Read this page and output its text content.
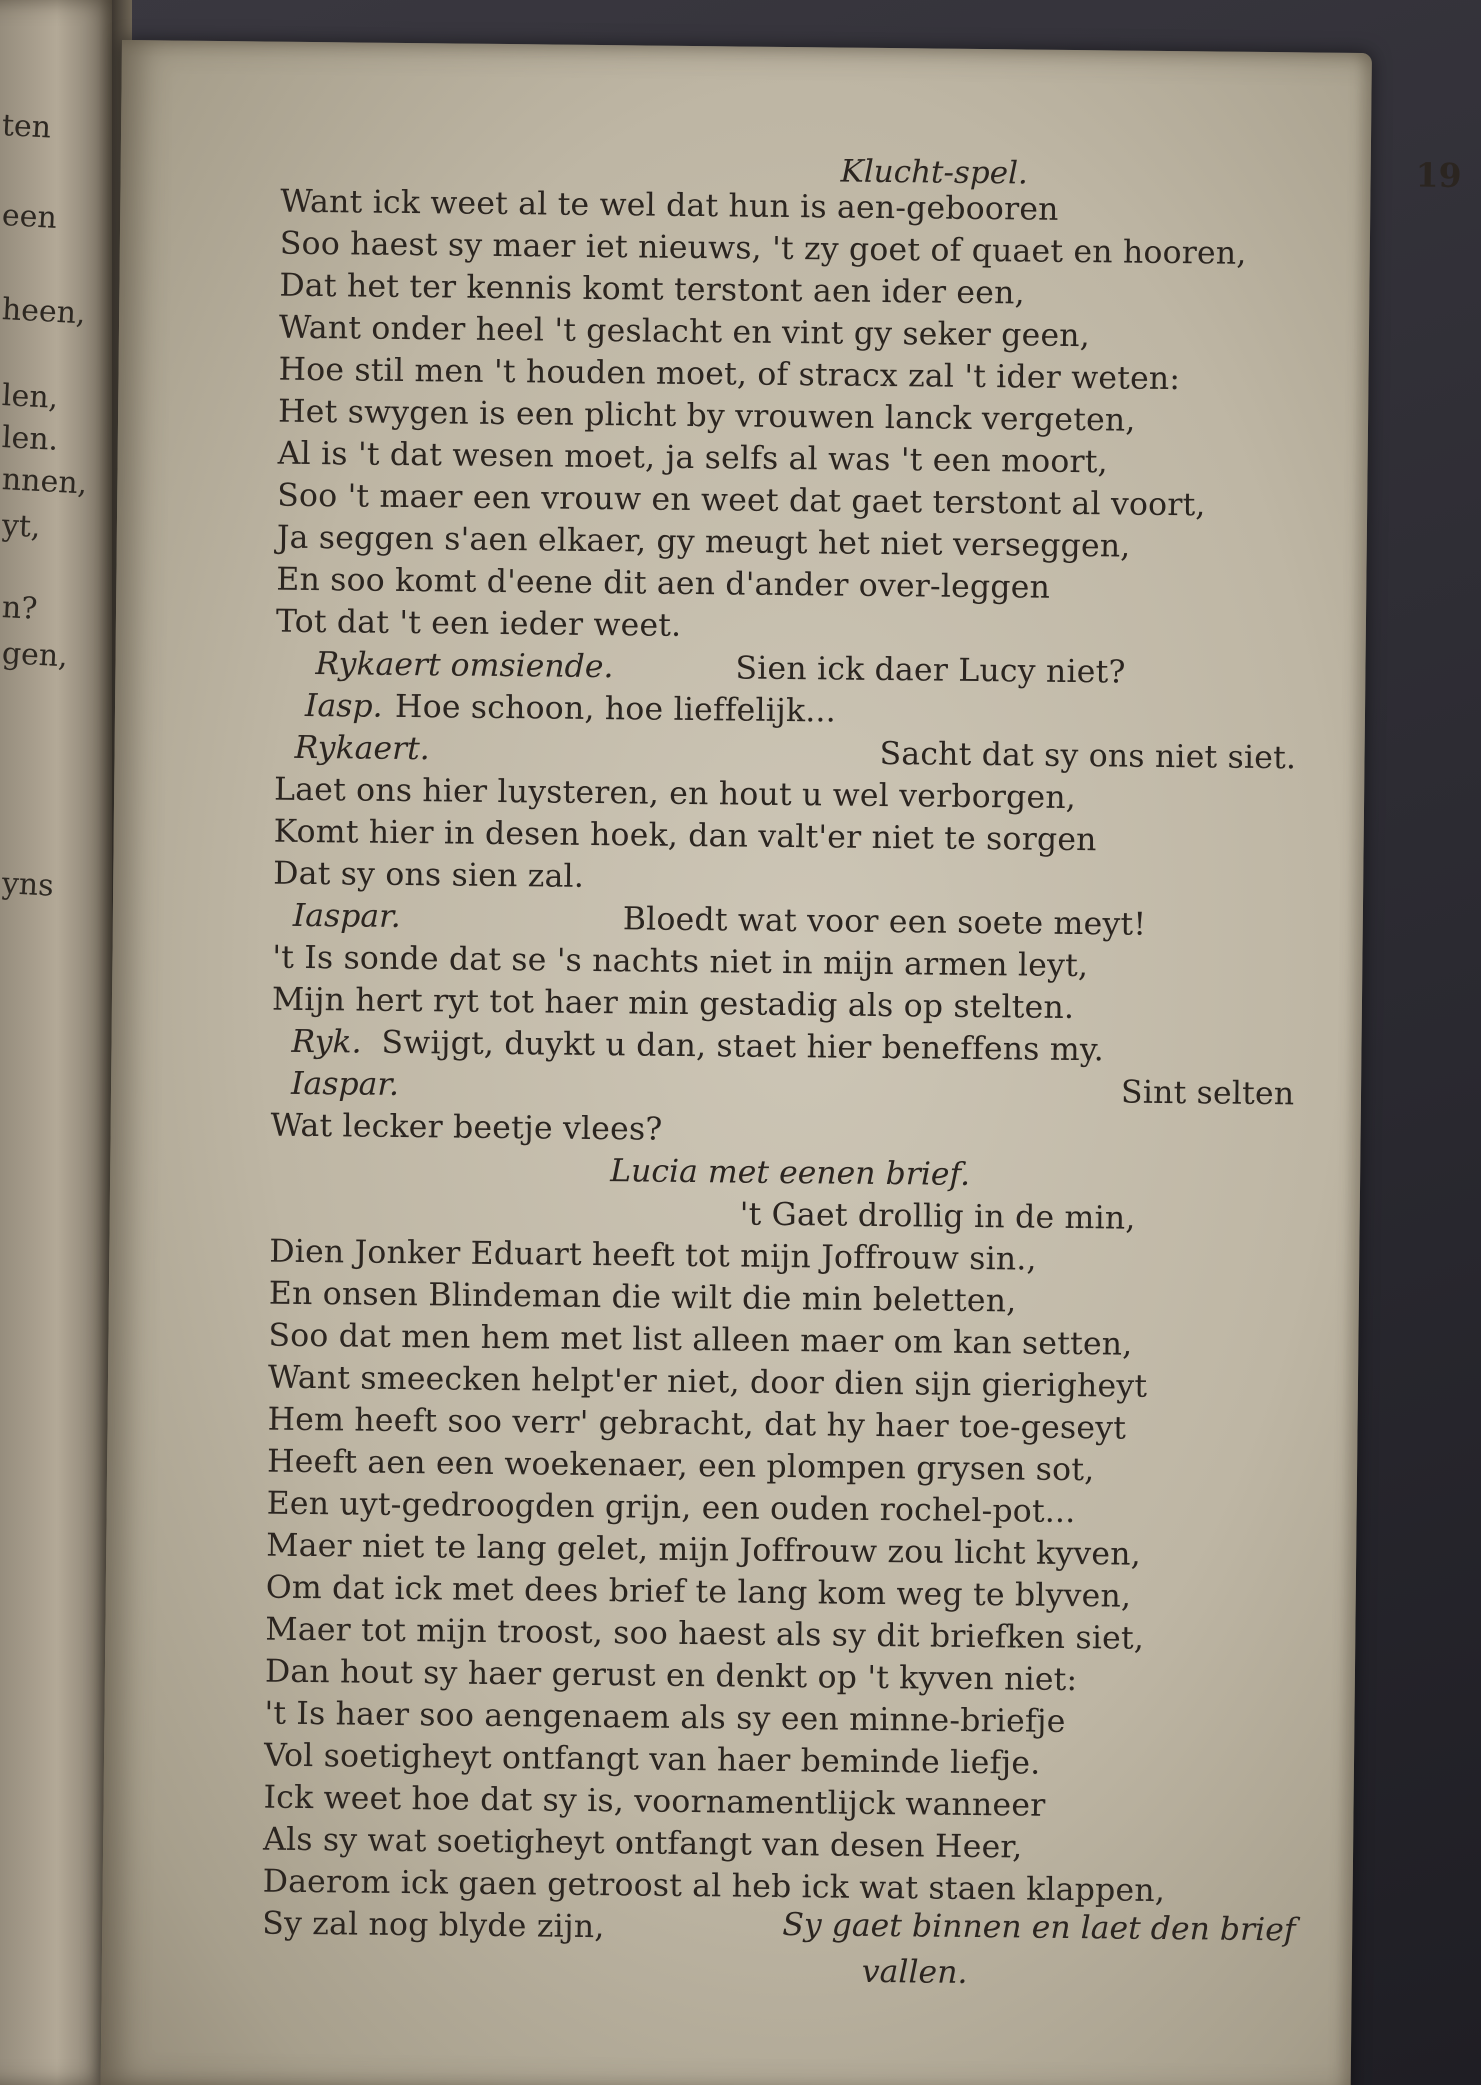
ten
een
heen,
len,
len.
nnen,
yt,
n?
gen,
yns
Klucht-spel.	19
Want ick weet al te wel dat hun is aen-gebooren
Soo haest sy maer iet nieuws, 't zy goet of quaet en hooren,
Dat het ter kennis komt terstont aen ider een,
Want onder heel 't geslacht en vint gy seker geen,
Hoe stil men 't houden moet, of stracx zal 't ider weten:
Het swygen is een plicht by vrouwen lanck vergeten,
Al is 't dat wesen moet, ja selfs al was 't een moort,
Soo 't maer een vrouw en weet dat gaet terstont al voort,
Ja seggen s'aen elkaer, gy meugt het niet verseggen,
En soo komt d'eene dit aen d'ander over-leggen
Tot dat 't een ieder weet.
Rykaert omsiende.	Sien ick daer Lucy niet?
Iasp. Hoe schoon, hoe lieffelijk...
Rykaert.	Sacht dat sy ons niet siet.
Laet ons hier luysteren, en hout u wel verborgen,
Komt hier in desen hoek, dan valt'er niet te sorgen
Dat sy ons sien zal.
Iaspar.	Bloedt wat voor een soete meyt!
't Is sonde dat se 's nachts niet in mijn armen leyt,
Mijn hert ryt tot haer min gestadig als op stelten.
Ryk. Swijgt, duykt u dan, staet hier beneffens my.
Iaspar.	Sint selten
Wat lecker beetje vlees?
Lucia met eenen brief.
't Gaet drollig in de min,
Dien Jonker Eduart heeft tot mijn Joffrouw sin.,
En onsen Blindeman die wilt die min beletten,
Soo dat men hem met list alleen maer om kan setten,
Want smeecken helpt'er niet, door dien sijn gierigheyt
Hem heeft soo verr' gebracht, dat hy haer toe-geseyt
Heeft aen een woekenaer, een plompen grysen sot,
Een uyt-gedroogden grijn, een ouden rochel-pot...
Maer niet te lang gelet, mijn Joffrouw zou licht kyven,
Om dat ick met dees brief te lang kom weg te blyven,
Maer tot mijn troost, soo haest als sy dit briefken siet,
Dan hout sy haer gerust en denkt op 't kyven niet:
't Is haer soo aengenaem als sy een minne-briefje
Vol soetigheyt ontfangt van haer beminde liefje.
Ick weet hoe dat sy is, voornamentlijck wanneer
Als sy wat soetigheyt ontfangt van desen Heer,
Daerom ick gaen getroost al heb ick wat staen klappen,
Sy zal nog blyde zijn,	Sy gaet binnen en laet den brief
vallen.
